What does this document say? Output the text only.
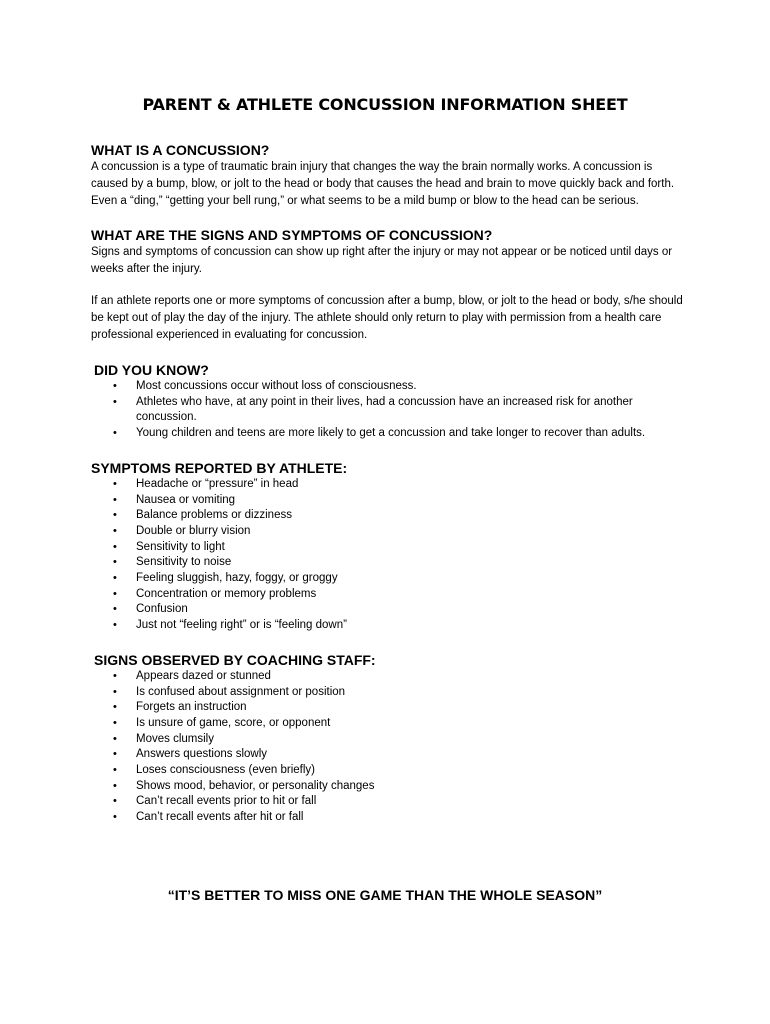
PARENT & ATHLETE CONCUSSION INFORMATION SHEET
WHAT IS A CONCUSSION?

A concussion is a type of traumatic brain injury that changes the way the brain normally works. A concussion is caused by a bump, blow, or jolt to the head or body that causes the head and brain to move quickly back and forth. Even a “ding,” “getting your bell rung,” or what seems to be a mild bump or blow to the head can be serious.

WHAT ARE THE SIGNS AND SYMPTOMS OF CONCUSSION?

Signs and symptoms of concussion can show up right after the injury or may not appear or be noticed until days or weeks after the injury.

If an athlete reports one or more symptoms of concussion after a bump, blow, or jolt to the head or body, s/he should be kept out of play the day of the injury. The athlete should only return to play with permission from a health care professional experienced in evaluating for concussion.

DID YOU KNOW?
• Most concussions occur without loss of consciousness.
• Athletes who have, at any point in their lives, had a concussion have an increased risk for another concussion.
• Young children and teens are more likely to get a concussion and take longer to recover than adults.
SYMPTOMS REPORTED BY ATHLETE:
• Headache or “pressure” in head
• Nausea or vomiting
• Balance problems or dizziness
• Double or blurry vision
• Sensitivity to light
• Sensitivity to noise
• Feeling sluggish, hazy, foggy, or groggy
• Concentration or memory problems
• Confusion
• Just not “feeling right” or is “feeling down”
SIGNS OBSERVED BY COACHING STAFF:
• Appears dazed or stunned
• Is confused about assignment or position
• Forgets an instruction
• Is unsure of game, score, or opponent
• Moves clumsily
• Answers questions slowly
• Loses consciousness (even briefly)
• Shows mood, behavior, or personality changes
• Can’t recall events prior to hit or fall
• Can’t recall events after hit or fall
“IT’S BETTER TO MISS ONE GAME THAN THE WHOLE SEASON”
